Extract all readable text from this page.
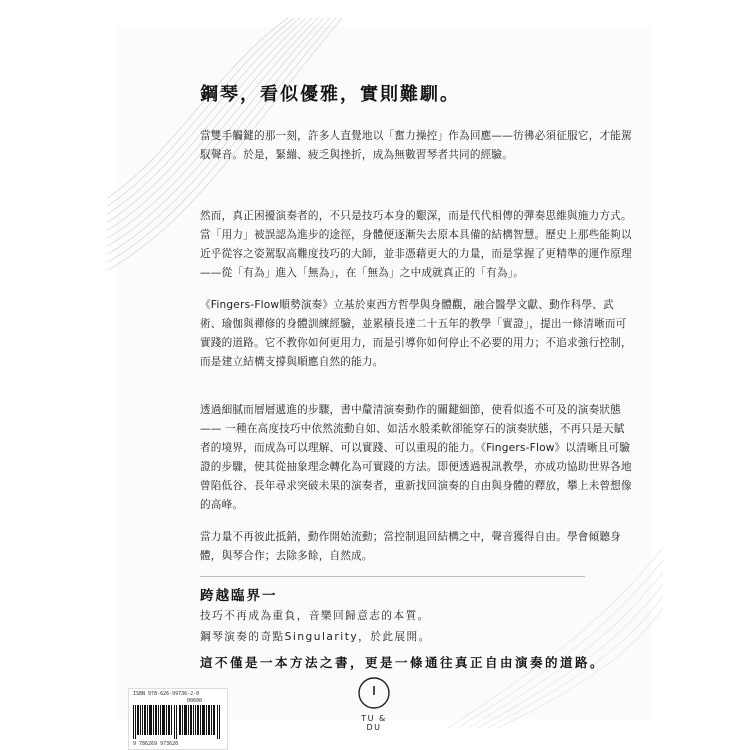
鋼琴，看似優雅，實則難馴。

當雙手觸鍵的那一刻，許多人直覺地以「奮力操控」作為回應——彷彿必須征服它，才能駕馭聲音。於是，緊繃、疲乏與挫折，成為無數習琴者共同的經驗。

然而，真正困擾演奏者的，不只是技巧本身的艱深，而是代代相傳的彈奏思維與施力方式。當「用力」被誤認為進步的途徑，身體便逐漸失去原本具備的結構智慧。歷史上那些能夠以近乎從容之姿駕馭高難度技巧的大師，並非憑藉更大的力量，而是掌握了更精準的運作原理——從「有為」進入「無為」，在「無為」之中成就真正的「有為」。

《Fingers-Flow順勢演奏》立基於東西方哲學與身體觀，融合醫學文獻、動作科學、武術、瑜伽與禪修的身體訓練經驗，並累積長達二十五年的教學「實證」，提出一條清晰而可實踐的道路。它不教你如何更用力，而是引導你如何停止不必要的用力；不追求強行控制，而是建立結構支撐與順應自然的能力。

透過細膩而層層遞進的步驟，書中釐清演奏動作的關鍵細節，使看似遙不可及的演奏狀態—— 一種在高度技巧中依然流動自如、如活水般柔軟卻能穿石的演奏狀態，不再只是天賦者的境界，而成為可以理解、可以實踐、可以重現的能力。《Fingers-Flow》以清晰且可驗證的步驟，使其從抽象理念轉化為可實踐的方法。即便透過視訊教學，亦成功協助世界各地曾陷低谷、長年尋求突破未果的演奏者，重新找回演奏的自由與身體的釋放，攀上未曾想像的高峰。

當力量不再彼此抵銷，動作開始流動；當控制退回結構之中，聲音獲得自由。學會傾聽身體，與琴合作；去除多餘，自然成。

跨越臨界一

技巧不再成為重負，音樂回歸意志的本質。

鋼琴演奏的奇點Singularity，於此展開。

這不僅是一本方法之書，更是一條通往真正自由演奏的道路。

ISBN 978-626-99736-2-0
00600
9 786269 973620

TU & DU
